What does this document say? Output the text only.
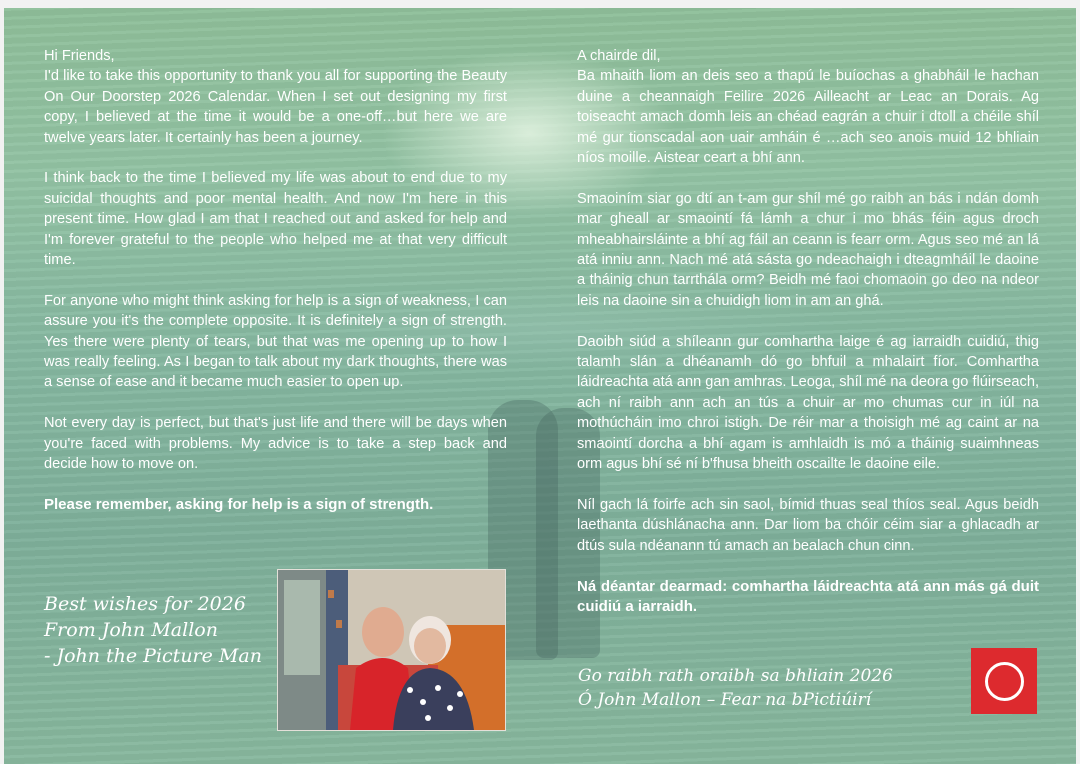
Hi Friends,

I'd like to take this opportunity to thank you all for supporting the Beauty On Our Doorstep 2026 Calendar. When I set out designing my first copy, I believed at the time it would be a one-off…but here we are twelve years later. It certainly has been a journey.

I think back to the time I believed my life was about to end due to my suicidal thoughts and poor mental health. And now I'm here in this present time. How glad I am that I reached out and asked for help and I'm forever grateful to the people who helped me at that very difficult time.

For anyone who might think asking for help is a sign of weakness, I can assure you it's the complete opposite. It is definitely a sign of strength. Yes there were plenty of tears, but that was me opening up to how I was really feeling. As I began to talk about my dark thoughts, there was a sense of ease and it became much easier to open up.

Not every day is perfect, but that's just life and there will be days when you're faced with problems. My advice is to take a step back and decide how to move on.

Please remember, asking for help is a sign of strength.

Best wishes for 2026
From John Mallon
- John the Picture Man

A chairde dil,

Ba mhaith liom an deis seo a thapú le buíochas a ghabháil le hachan duine a cheannaigh Feilire 2026 Ailleacht ar Leac an Dorais. Ag toiseacht amach domh leis an chéad eagrán a chuir i dtoll a chéile shíl mé gur tionscadal aon uair amháin é …ach seo anois muid 12 bhliain níos moille. Aistear ceart a bhí ann.

Smaoiním siar go dtí an t-am gur shíl mé go raibh an bás i ndán domh mar gheall ar smaointí fá lámh a chur i mo bhás féin agus droch mheabhairsláinte a bhí ag fáil an ceann is fearr orm. Agus seo mé an lá atá inniu ann. Nach mé atá sásta go ndeachaigh i dteagmháil le daoine a tháinig chun tarrthála orm? Beidh mé faoi chomaoin go deo na ndeor leis na daoine sin a chuidigh liom in am an ghá.

Daoibh siúd a shíleann gur comhartha laige é ag iarraidh cuidiú, thig talamh slán a dhéanamh dó go bhfuil a mhalairt fíor. Comhartha láidreachta atá ann gan amhras. Leoga, shíl mé na deora go flúirseach, ach ní raibh ann ach an tús a chuir ar mo chumas cur in iúl na mothúcháin imo chroi istigh. De réir mar a thoisigh mé ag caint ar na smaointí dorcha a bhí agam is amhlaidh is mó a tháinig suaimhneas orm agus bhí sé ní b'fhusa bheith oscailte le daoine eile.

Níl gach lá foirfe ach sin saol, bímid thuas seal thíos seal. Agus beidh laethanta dúshlánacha ann. Dar liom ba chóir céim siar a ghlacadh ar dtús sula ndéanann tú amach an bealach chun cinn.

Ná déantar dearmad: comhartha láidreachta atá ann más gá duit cuidiú a iarraidh.

Go raibh rath oraibh sa bhliain 2026
Ó John Mallon – Fear na bPictiúirí
